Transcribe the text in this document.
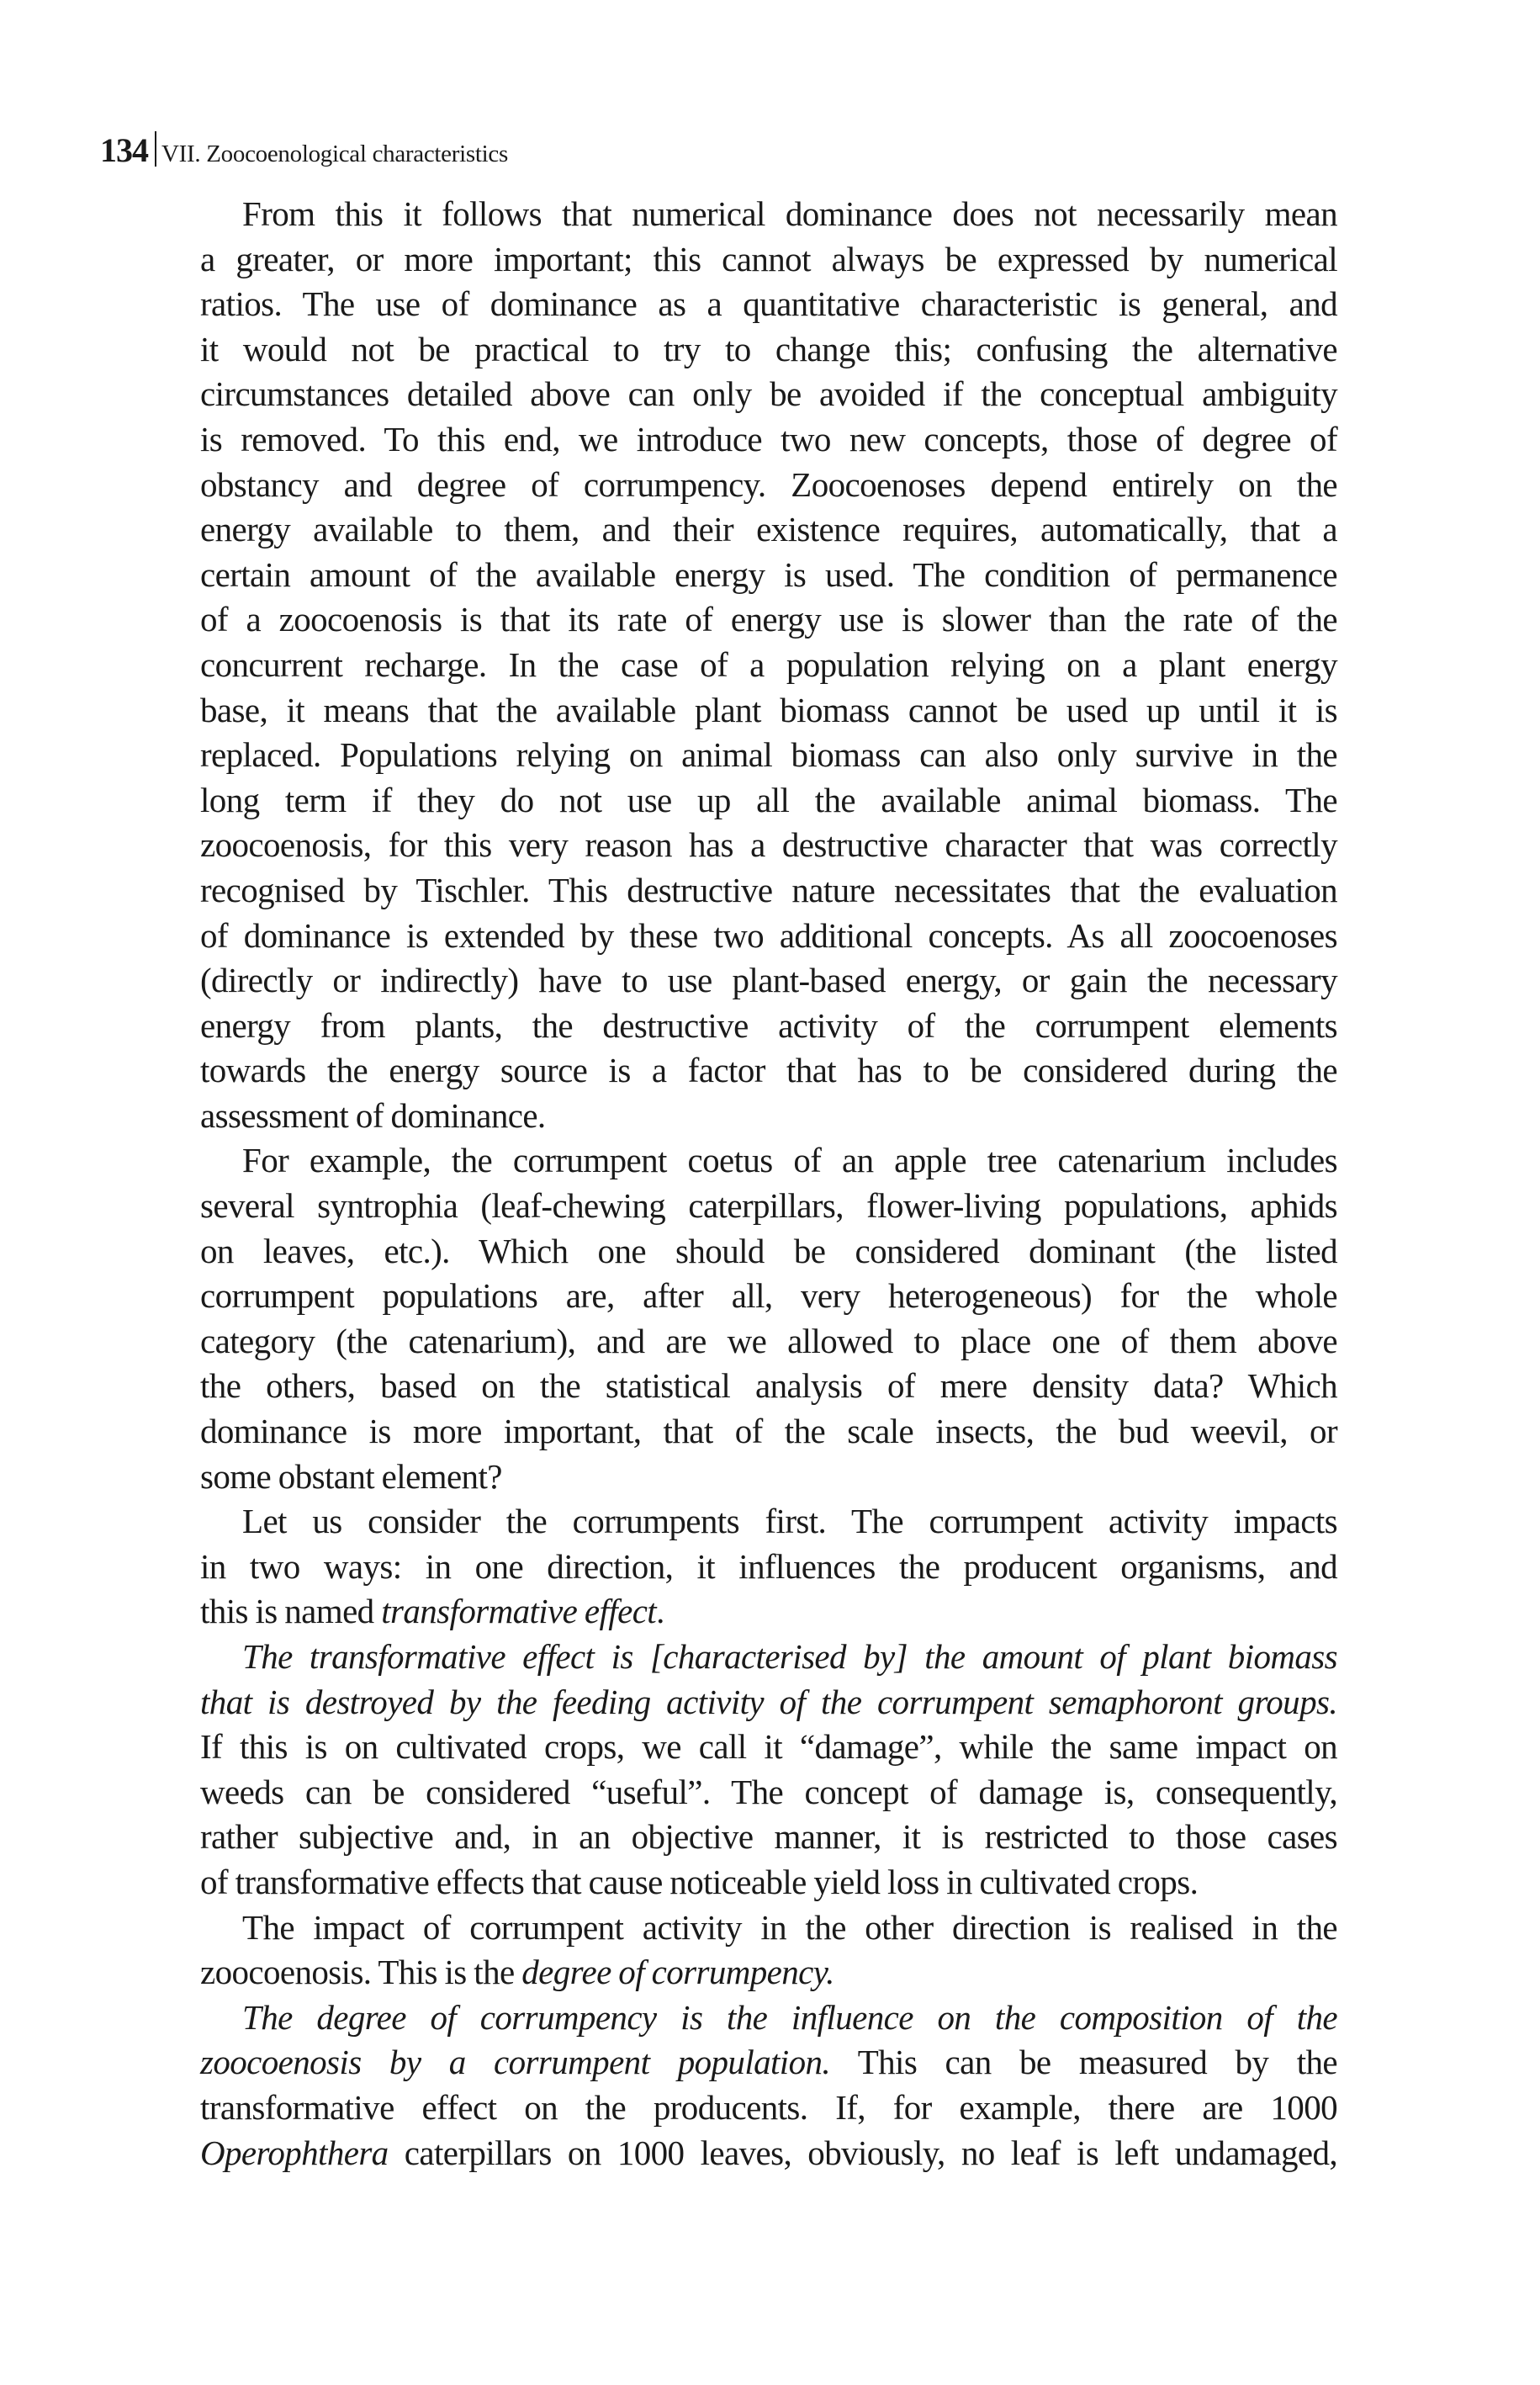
134 VII. Zoocoenological characteristics
From this it follows that numerical dominance does not necessarily mean
a greater, or more important; this cannot always be expressed by numerical
ratios. The use of dominance as a quantitative characteristic is general, and
it would not be practical to try to change this; confusing the alternative
circumstances detailed above can only be avoided if the conceptual ambiguity
is removed. To this end, we introduce two new concepts, those of degree of
obstancy and degree of corrumpency. Zoocoenoses depend entirely on the
energy available to them, and their existence requires, automatically, that a
certain amount of the available energy is used. The condition of permanence
of a zoocoenosis is that its rate of energy use is slower than the rate of the
concurrent recharge. In the case of a population relying on a plant energy
base, it means that the available plant biomass cannot be used up until it is
replaced. Populations relying on animal biomass can also only survive in the
long term if they do not use up all the available animal biomass. The
zoocoenosis, for this very reason has a destructive character that was correctly
recognised by Tischler. This destructive nature necessitates that the evaluation
of dominance is extended by these two additional concepts. As all zoocoenoses
(directly or indirectly) have to use plant-based energy, or gain the necessary
energy from plants, the destructive activity of the corrumpent elements
towards the energy source is a factor that has to be considered during the
assessment of dominance.
For example, the corrumpent coetus of an apple tree catenarium includes
several syntrophia (leaf-chewing caterpillars, flower-living populations, aphids
on leaves, etc.). Which one should be considered dominant (the listed
corrumpent populations are, after all, very heterogeneous) for the whole
category (the catenarium), and are we allowed to place one of them above
the others, based on the statistical analysis of mere density data? Which
dominance is more important, that of the scale insects, the bud weevil, or
some obstant element?
Let us consider the corrumpents first. The corrumpent activity impacts
in two ways: in one direction, it influences the producent organisms, and
this is named transformative effect.
The transformative effect is [characterised by] the amount of plant biomass
that is destroyed by the feeding activity of the corrumpent semaphoront groups.
If this is on cultivated crops, we call it “damage”, while the same impact on
weeds can be considered “useful”. The concept of damage is, consequently,
rather subjective and, in an objective manner, it is restricted to those cases
of transformative effects that cause noticeable yield loss in cultivated crops.
The impact of corrumpent activity in the other direction is realised in the
zoocoenosis. This is the degree of corrumpency.
The degree of corrumpency is the influence on the composition of the
zoocoenosis by a corrumpent population. This can be measured by the
transformative effect on the producents. If, for example, there are 1000
Operophthera caterpillars on 1000 leaves, obviously, no leaf is left undamaged,
